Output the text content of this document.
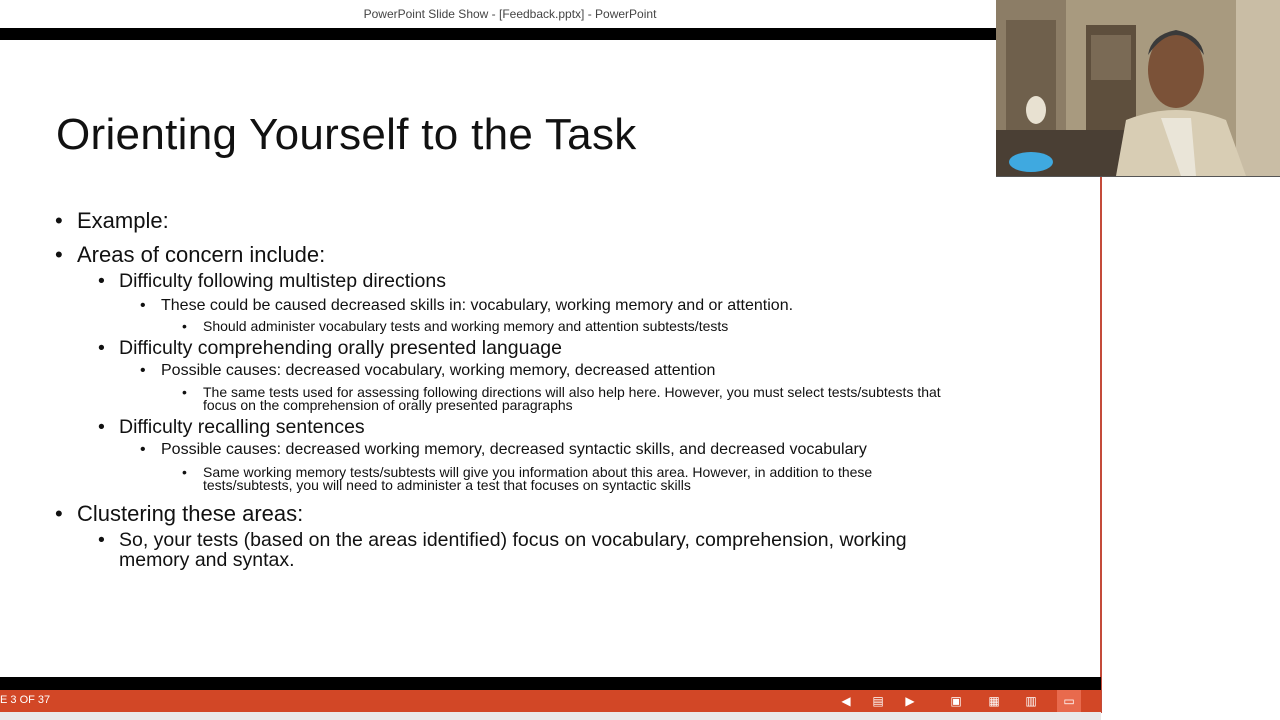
PowerPoint Slide Show - [Feedback.pptx] - PowerPoint
Orienting Yourself to the Task
• Example:
• Areas of concern include:
• Difficulty following multistep directions
• These could be caused decreased skills in: vocabulary, working memory and or attention.
• Should administer vocabulary tests and working memory and attention subtests/tests
• Difficulty comprehending orally presented language
• Possible causes: decreased vocabulary, working memory, decreased attention
• The same tests used for assessing following directions will also help here. However, you must select tests/subtests that
focus on the comprehension of orally presented paragraphs
• Difficulty recalling sentences
• Possible causes: decreased working memory, decreased syntactic skills, and decreased vocabulary
• Same working memory tests/subtests will give you information about this area. However, in addition to these
tests/subtests, you will need to administer a test that focuses on syntactic skills
• Clustering these areas:
• So, your tests (based on the areas identified) focus on vocabulary, comprehension, working
memory and syntax.
E 3 OF 37	◀ ▤ ▶	▣ ▦ ▥	▭
